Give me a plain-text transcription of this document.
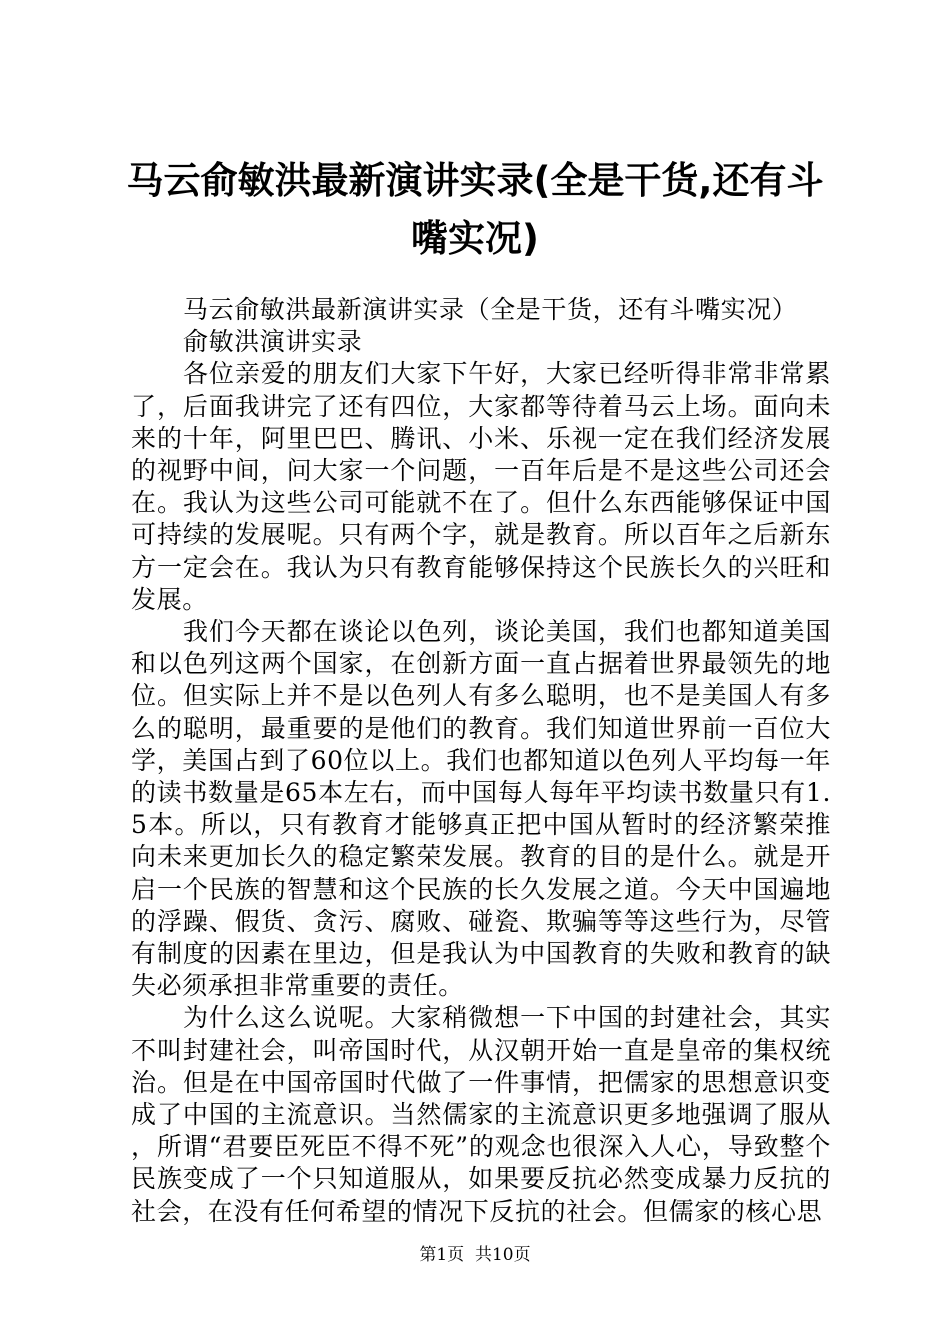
马云俞敏洪最新演讲实录(全是干货,还有斗嘴实况)

马云俞敏洪最新演讲实录（全是干货，还有斗嘴实况）

俞敏洪演讲实录

各位亲爱的朋友们大家下午好，大家已经听得非常非常累了，后面我讲完了还有四位，大家都等待着马云上场。面向未来的十年，阿里巴巴、腾讯、小米、乐视一定在我们经济发展的视野中间，问大家一个问题，一百年后是不是这些公司还会在。我认为这些公司可能就不在了。但什么东西能够保证中国可持续的发展呢。只有两个字，就是教育。所以百年之后新东方一定会在。我认为只有教育能够保持这个民族长久的兴旺和发展。

我们今天都在谈论以色列，谈论美国，我们也都知道美国和以色列这两个国家，在创新方面一直占据着世界最领先的地位。但实际上并不是以色列人有多么聪明，也不是美国人有多么的聪明，最重要的是他们的教育。我们知道世界前一百位大学，美国占到了60位以上。我们也都知道以色列人平均每一年的读书数量是65本左右，而中国每人每年平均读书数量只有1.5本。所以，只有教育才能够真正把中国从暂时的经济繁荣推向未来更加长久的稳定繁荣发展。教育的目的是什么。就是开启一个民族的智慧和这个民族的长久发展之道。今天中国遍地的浮躁、假货、贪污、腐败、碰瓷、欺骗等等这些行为，尽管有制度的因素在里边，但是我认为中国教育的失败和教育的缺失必须承担非常重要的责任。

为什么这么说呢。大家稍微想一下中国的封建社会，其实不叫封建社会，叫帝国时代，从汉朝开始一直是皇帝的集权统治。但是在中国帝国时代做了一件事情，把儒家的思想意识变成了中国的主流意识。当然儒家的主流意识更多地强调了服从，所谓“君要臣死臣不得不死”的观念也很深入人心，导致整个民族变成了一个只知道服从，如果要反抗必然变成暴力反抗的社会，在没有任何希望的情况下反抗的社会。但儒家的核心思

第1页  共10页
